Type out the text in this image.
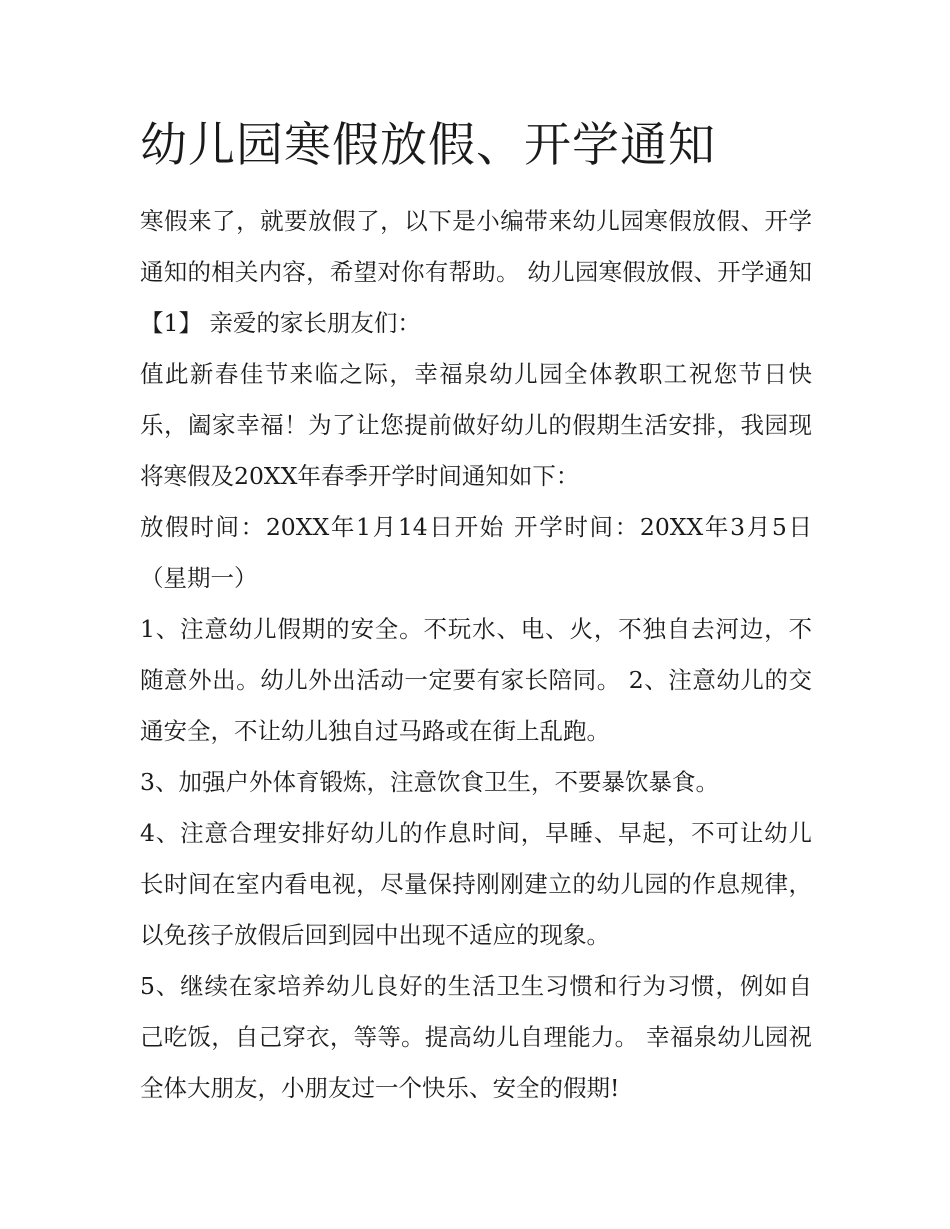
幼儿园寒假放假、开学通知

寒假来了，就要放假了，以下是小编带来幼儿园寒假放假、开学通知的相关内容，希望对你有帮助。 幼儿园寒假放假、开学通知【1】 亲爱的家长朋友们：

值此新春佳节来临之际，幸福泉幼儿园全体教职工祝您节日快乐，阖家幸福！为了让您提前做好幼儿的假期生活安排，我园现将寒假及20XX年春季开学时间通知如下：

放假时间：20XX年1月14日开始 开学时间：20XX年3月5日（星期一）

1、注意幼儿假期的安全。不玩水、电、火，不独自去河边，不随意外出。幼儿外出活动一定要有家长陪同。 2、注意幼儿的交通安全，不让幼儿独自过马路或在街上乱跑。

3、加强户外体育锻炼，注意饮食卫生，不要暴饮暴食。

4、注意合理安排好幼儿的作息时间，早睡、早起，不可让幼儿长时间在室内看电视，尽量保持刚刚建立的幼儿园的作息规律，以免孩子放假后回到园中出现不适应的现象。

5、继续在家培养幼儿良好的生活卫生习惯和行为习惯，例如自己吃饭，自己穿衣，等等。提高幼儿自理能力。 幸福泉幼儿园祝全体大朋友，小朋友过一个快乐、安全的假期!
